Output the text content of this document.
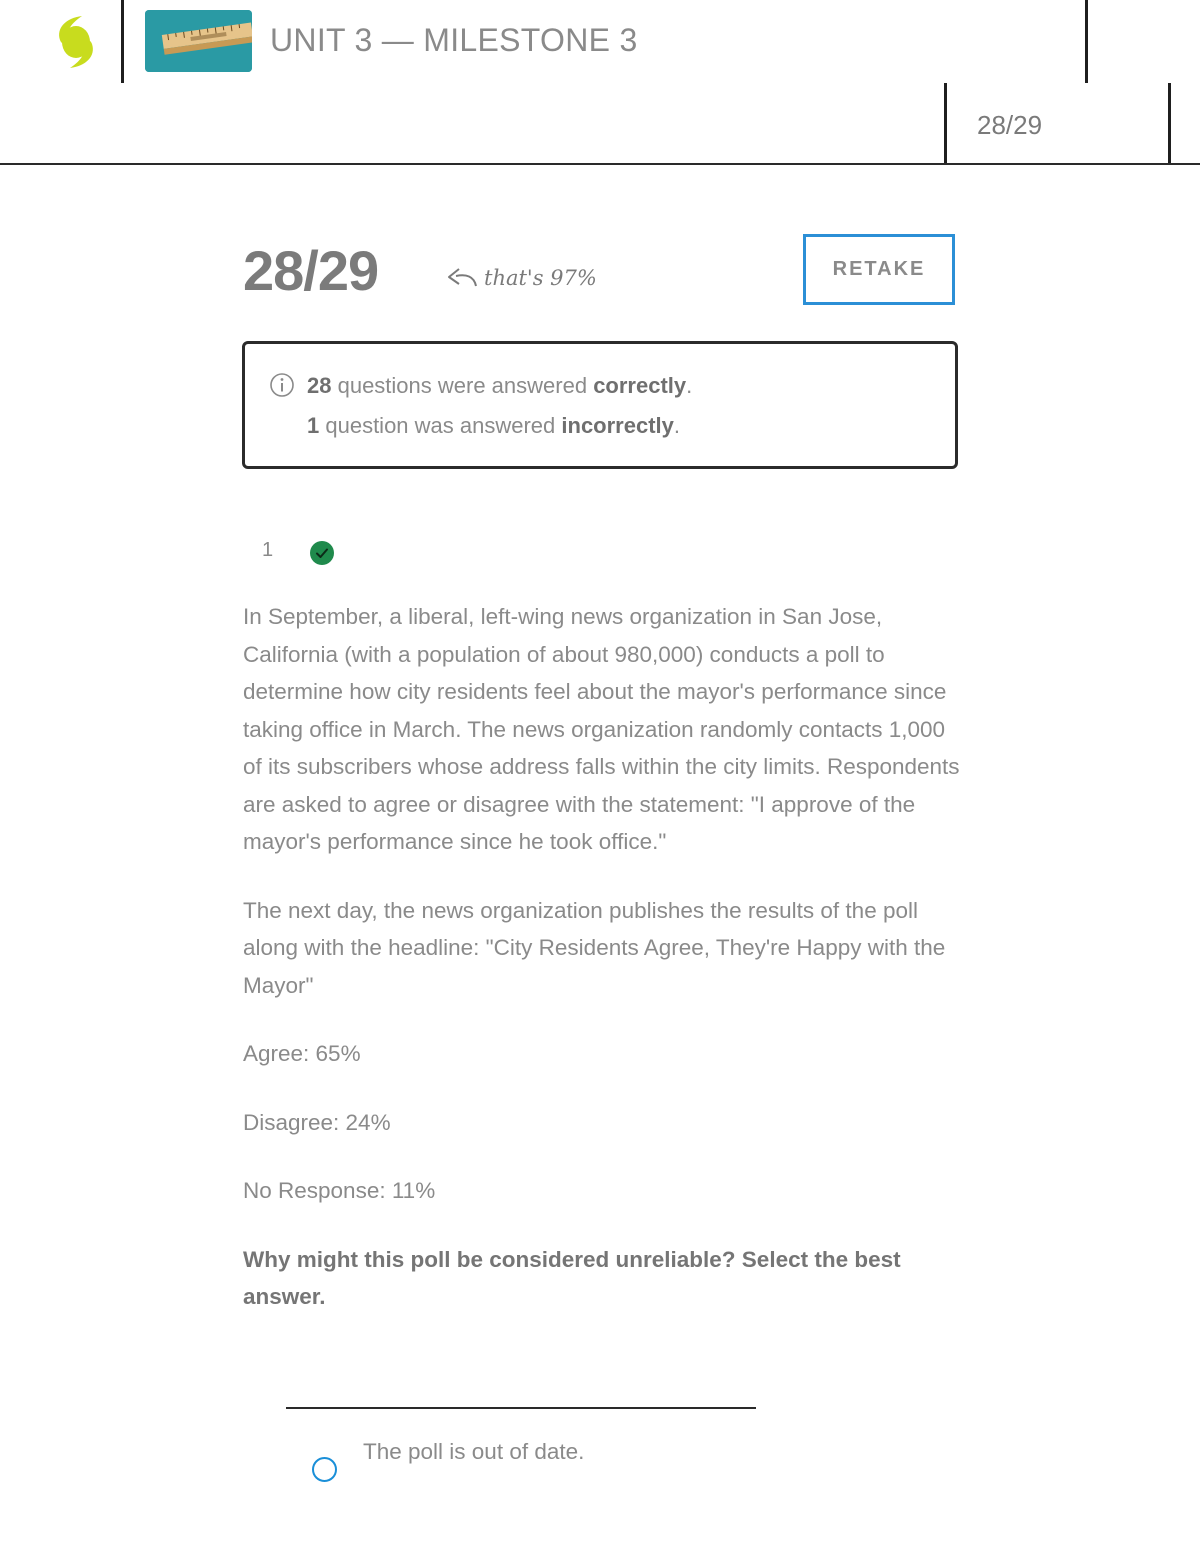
UNIT 3 — MILESTONE 3
28/29
28/29	that's 97%	RETAKE
28 questions were answered correctly.
1 question was answered incorrectly.
1

In September, a liberal, left-wing news organization in San Jose, California (with a population of about 980,000) conducts a poll to determine how city residents feel about the mayor's performance since taking office in March. The news organization randomly contacts 1,000 of its subscribers whose address falls within the city limits. Respondents are asked to agree or disagree with the statement: "I approve of the mayor's performance since he took office."

The next day, the news organization publishes the results of the poll along with the headline: "City Residents Agree, They're Happy with the Mayor"

Agree: 65%

Disagree: 24%

No Response: 11%

Why might this poll be considered unreliable? Select the best answer.

The poll is out of date.
